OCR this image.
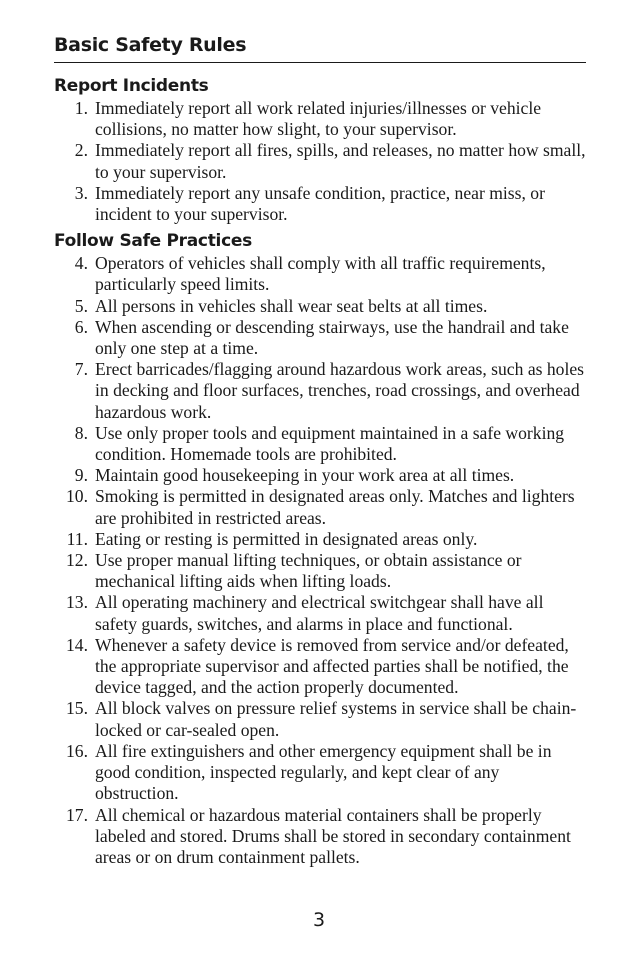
Basic Safety Rules
Report Incidents
1. Immediately report all work related injuries/illnesses or vehicle collisions, no matter how slight, to your supervisor.
2. Immediately report all fires, spills, and releases, no matter how small, to your supervisor.
3. Immediately report any unsafe condition, practice, near miss, or incident to your supervisor.
Follow Safe Practices
4. Operators of vehicles shall comply with all traffic requirements, particularly speed limits.
5. All persons in vehicles shall wear seat belts at all times.
6. When ascending or descending stairways, use the handrail and take only one step at a time.
7. Erect barricades/flagging around hazardous work areas, such as holes in decking and floor surfaces, trenches, road crossings, and overhead hazardous work.
8. Use only proper tools and equipment maintained in a safe working condition. Homemade tools are prohibited.
9. Maintain good housekeeping in your work area at all times.
10. Smoking is permitted in designated areas only. Matches and lighters are prohibited in restricted areas.
11. Eating or resting is permitted in designated areas only.
12. Use proper manual lifting techniques, or obtain assistance or mechanical lifting aids when lifting loads.
13. All operating machinery and electrical switchgear shall have all safety guards, switches, and alarms in place and functional.
14. Whenever a safety device is removed from service and/or defeated, the appropriate supervisor and affected parties shall be notified, the device tagged, and the action properly documented.
15. All block valves on pressure relief systems in service shall be chain-locked or car-sealed open.
16. All fire extinguishers and other emergency equipment shall be in good condition, inspected regularly, and kept clear of any obstruction.
17. All chemical or hazardous material containers shall be properly labeled and stored. Drums shall be stored in secondary containment areas or on drum containment pallets.
3
